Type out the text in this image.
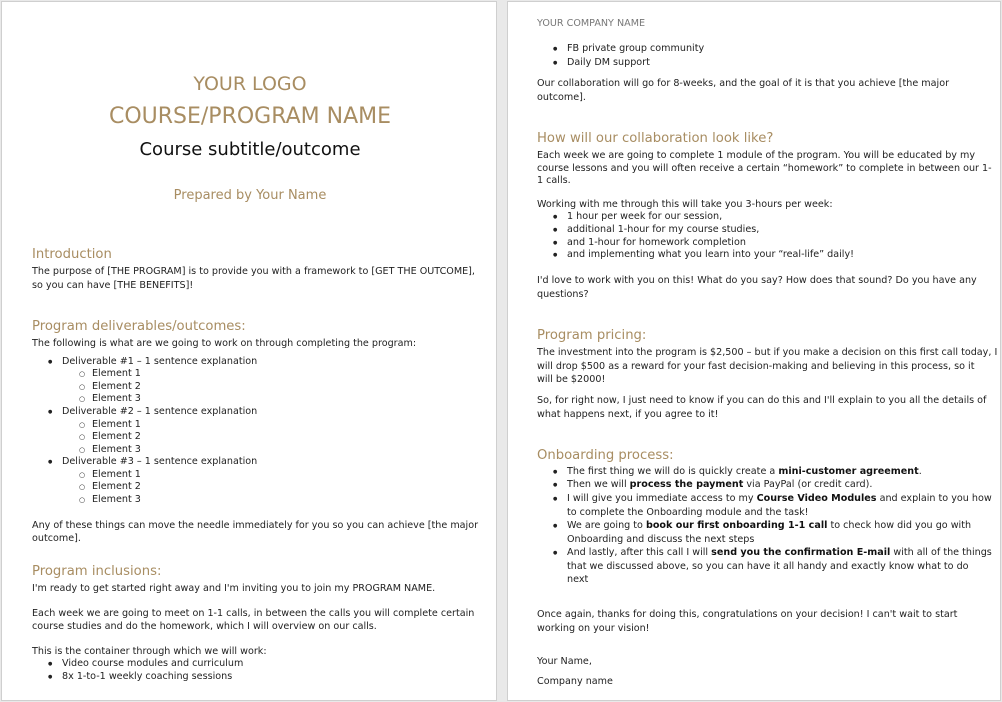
YOUR LOGO
COURSE/PROGRAM NAME
Course subtitle/outcome
Prepared by Your Name
Introduction
The purpose of [THE PROGRAM] is to provide you with a framework to [GET THE OUTCOME],
so you can have [THE BENEFITS]!
Program deliverables/outcomes:
The following is what are we going to work on through completing the program:
● Deliverable #1 – 1 sentence explanation
○ Element 1
○ Element 2
○ Element 3
● Deliverable #2 – 1 sentence explanation
○ Element 1
○ Element 2
○ Element 3
● Deliverable #3 – 1 sentence explanation
○ Element 1
○ Element 2
○ Element 3
Any of these things can move the needle immediately for you so you can achieve [the major
outcome].
Program inclusions:
I'm ready to get started right away and I'm inviting you to join my PROGRAM NAME.
Each week we are going to meet on 1-1 calls, in between the calls you will complete certain
course studies and do the homework, which I will overview on our calls.
This is the container through which we will work:
● Video course modules and curriculum
● 8x 1-to-1 weekly coaching sessions
YOUR COMPANY NAME
● FB private group community
● Daily DM support
Our collaboration will go for 8-weeks, and the goal of it is that you achieve [the major
outcome].
How will our collaboration look like?
Each week we are going to complete 1 module of the program. You will be educated by my
course lessons and you will often receive a certain “homework” to complete in between our 1-
1 calls.
Working with me through this will take you 3-hours per week:
● 1 hour per week for our session,
● additional 1-hour for my course studies,
● and 1-hour for homework completion
● and implementing what you learn into your “real-life” daily!
I'd love to work with you on this! What do you say? How does that sound? Do you have any
questions?
Program pricing:
The investment into the program is $2,500 – but if you make a decision on this first call today, I
will drop $500 as a reward for your fast decision-making and believing in this process, so it
will be $2000!
So, for right now, I just need to know if you can do this and I'll explain to you all the details of
what happens next, if you agree to it!
Onboarding process:
● The first thing we will do is quickly create a mini-customer agreement.
● Then we will process the payment via PayPal (or credit card).
● I will give you immediate access to my Course Video Modules and explain to you how
to complete the Onboarding module and the task!
● We are going to book our first onboarding 1-1 call to check how did you go with
Onboarding and discuss the next steps
● And lastly, after this call I will send you the confirmation E-mail with all of the things
that we discussed above, so you can have it all handy and exactly know what to do
next
Once again, thanks for doing this, congratulations on your decision! I can't wait to start
working on your vision!
Your Name,
Company name
